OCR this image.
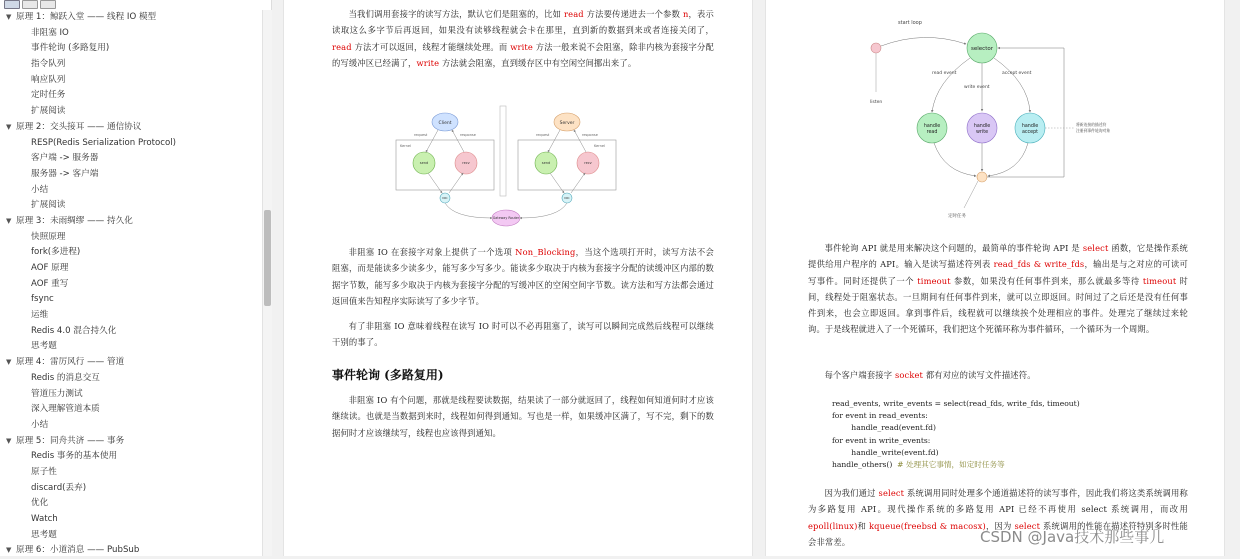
▼ 原理 1：鲸跃入堂 —— 线程 IO 模型
非阻塞 IO
事件轮询 (多路复用)
指令队列
响应队列
定时任务
扩展阅读
▼ 原理 2：交头接耳 —— 通信协议
RESP(Redis Serialization Protocol)
客户端 -> 服务器
服务器 -> 客户端
小结
扩展阅读
▼ 原理 3：未雨绸缪 —— 持久化
快照原理
fork(多进程)
AOF 原理
AOF 重写
fsync
运维
Redis 4.0 混合持久化
思考题
▼ 原理 4：雷厉风行 —— 管道
Redis 的消息交互
管道压力测试
深入理解管道本质
小结
▼ 原理 5：同舟共济 —— 事务
Redis 事务的基本使用
原子性
discard(丢弃)
优化
Watch
思考题
▼ 原理 6：小道消息 —— PubSub

当我们调用套接字的读写方法，默认它们是阻塞的，比如 read 方法要传递进去一个参数 n，表示读取这么多字节后再返回，如果没有读够线程就会卡在那里，直到新的数据到来或者连接关闭了，read 方法才可以返回，线程才能继续处理。而 write 方法一般来说不会阻塞，除非内核为套接字分配的写缓冲区已经满了，write 方法就会阻塞，直到缓存区中有空闲空间挪出来了。

Client
request	response
Kernel
send	recv
NIC
Server
request	response
Kernel
send	recv
NIC
Gateway Router

非阻塞 IO 在套接字对象上提供了一个选项 Non_Blocking，当这个选项打开时，读写方法不会阻塞，而是能读多少读多少，能写多少写多少。能读多少取决于内核为套接字分配的读缓冲区内部的数据字节数，能写多少取决于内核为套接字分配的写缓冲区的空闲空间字节数。读方法和写方法都会通过返回值来告知程序实际读写了多少字节。

有了非阻塞 IO 意味着线程在读写 IO 时可以不必再阻塞了，读写可以瞬间完成然后线程可以继续干别的事了。

事件轮询 (多路复用)

非阻塞 IO 有个问题，那就是线程要读数据，结果读了一部分就返回了，线程如何知道何时才应该继续读。也就是当数据到来时，线程如何得到通知。写也是一样，如果缓冲区满了，写不完，剩下的数据何时才应该继续写，线程也应该得到通知。

start loop
listen
selector
read event
write event
accept event
handle
read
handle
write
handle
accept
定时任务
将新连接的描述符
注册到事件轮询对象

事件轮询 API 就是用来解决这个问题的，最简单的事件轮询 API 是 select 函数，它是操作系统提供给用户程序的 API。输入是读写描述符列表 read_fds & write_fds，输出是与之对应的可读可写事件。同时还提供了一个 timeout 参数，如果没有任何事件到来，那么就最多等待 timeout 时间，线程处于阻塞状态。一旦期间有任何事件到来，就可以立即返回。时间过了之后还是没有任何事件到来，也会立即返回。拿到事件后，线程就可以继续挨个处理相应的事件。处理完了继续过来轮询。于是线程就进入了一个死循环，我们把这个死循环称为事件循环，一个循环为一个周期。

每个客户端套接字 socket 都有对应的读写文件描述符。

read_events, write_events = select(read_fds, write_fds, timeout)
for event in read_events:
handle_read(event.fd)
for event in write_events:
handle_write(event.fd)
handle_others()  # 处理其它事情，如定时任务等

因为我们通过 select 系统调用同时处理多个通道描述符的读写事件，因此我们将这类系统调用称为多路复用 API。现代操作系统的多路复用 API 已经不再使用 select 系统调用，而改用 epoll(linux)和 kqueue(freebsd & macosx)，因为 select 系统调用的性能在描述符特别多时性能会非常差。	CSDN @Java技术那些事儿
